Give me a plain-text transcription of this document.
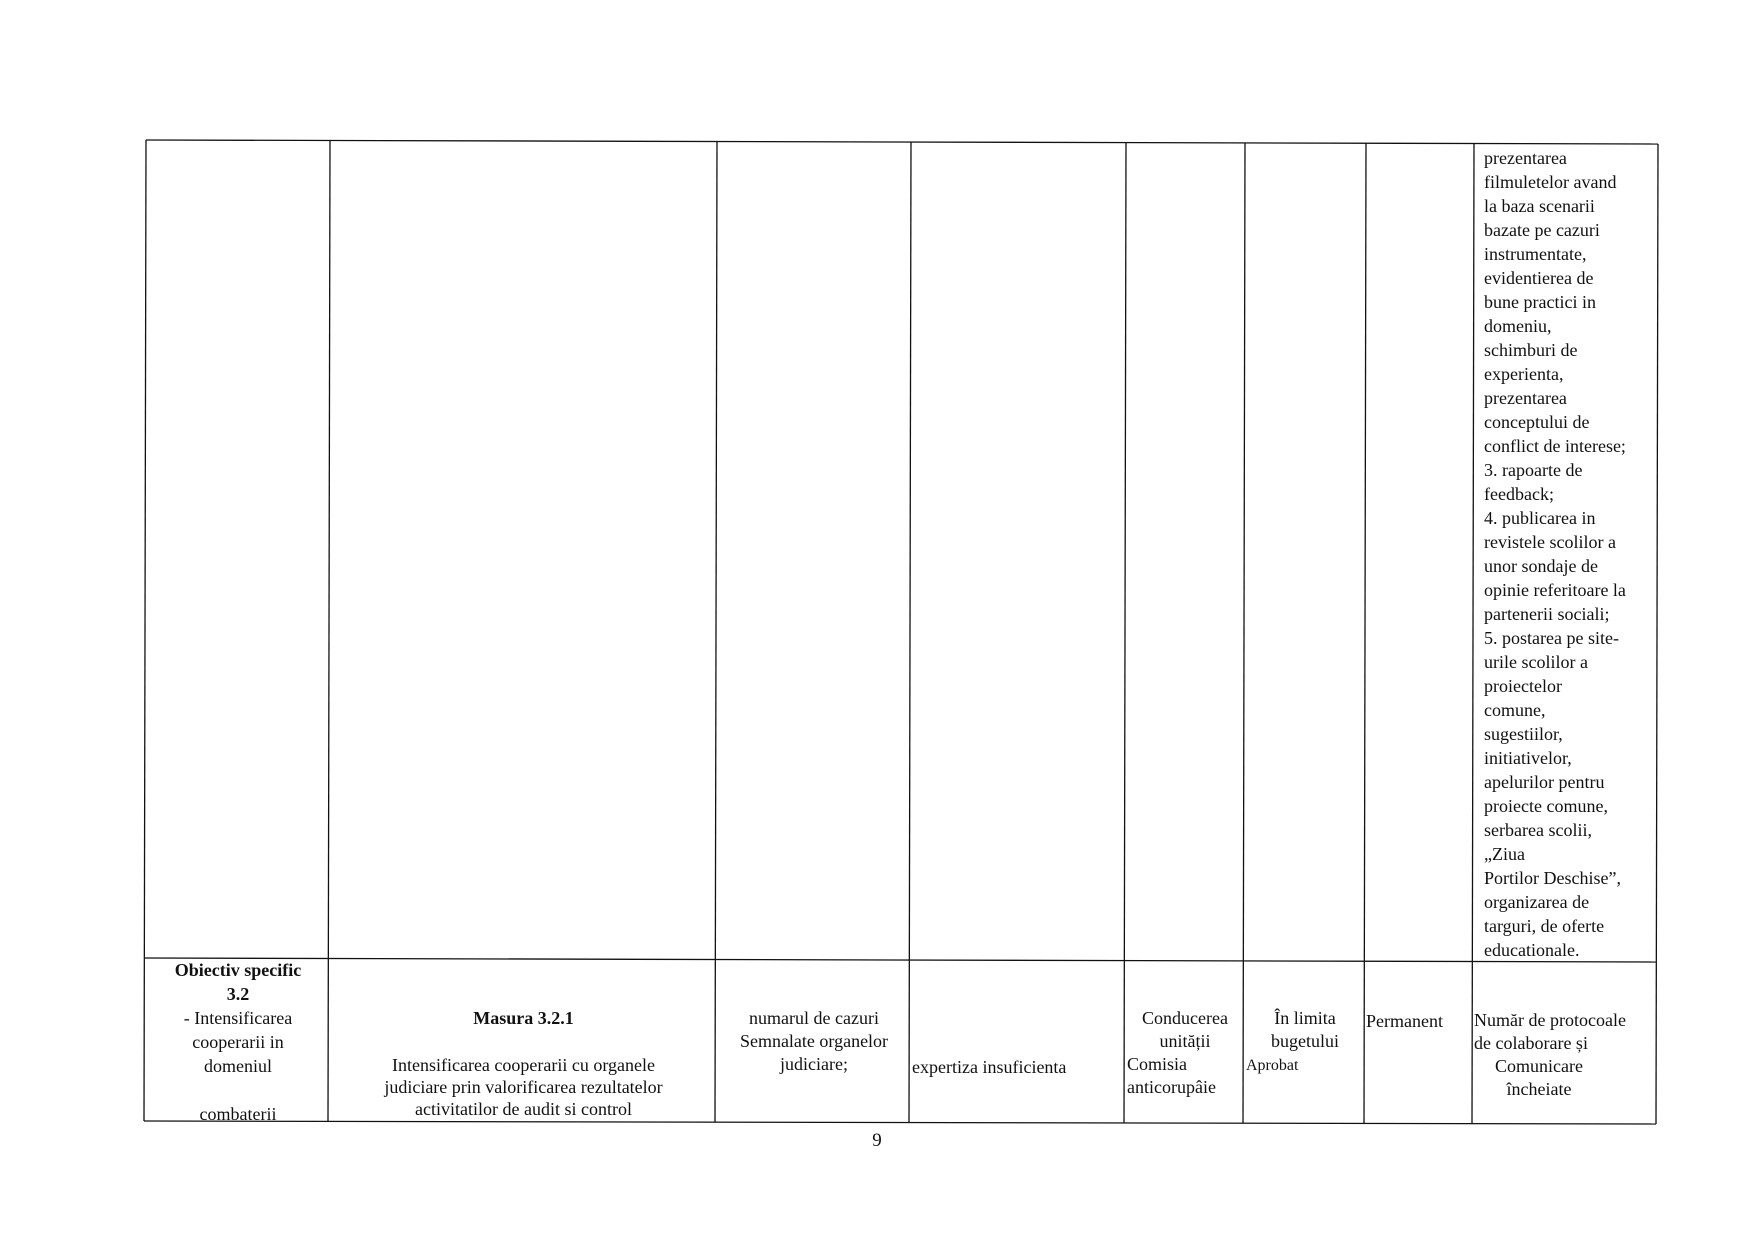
prezentarea
filmuletelor avand
la baza scenarii
bazate pe cazuri
instrumentate,
evidentierea de
bune practici in
domeniu,
schimburi de
experienta,
prezentarea
conceptului de
conflict de interese;
3. rapoarte de
feedback;
4. publicarea in
revistele scolilor a
unor sondaje de
opinie referitoare la
partenerii sociali;
5. postarea pe site-
urile scolilor a
proiectelor
comune,
sugestiilor,
initiativelor,
apelurilor pentru
proiecte comune,
serbarea scolii,
„Ziua
Portilor Deschise”,
organizarea de
targuri, de oferte
educationale.
Obiectiv specific
3.2
- Intensificarea
cooperarii in
domeniul

combaterii
Masura 3.2.1
Intensificarea cooperarii cu organele
judiciare prin valorificarea rezultatelor
activitatilor de audit si control
numarul de cazuri
Semnalate organelor
judiciare;	expertiza insuficienta
Conducerea
unității
Comisia
anticorupâie
În limita
bugetului
Aprobat
Permanent	Număr de protocoale
de colaborare și
Comunicare
încheiate
9
